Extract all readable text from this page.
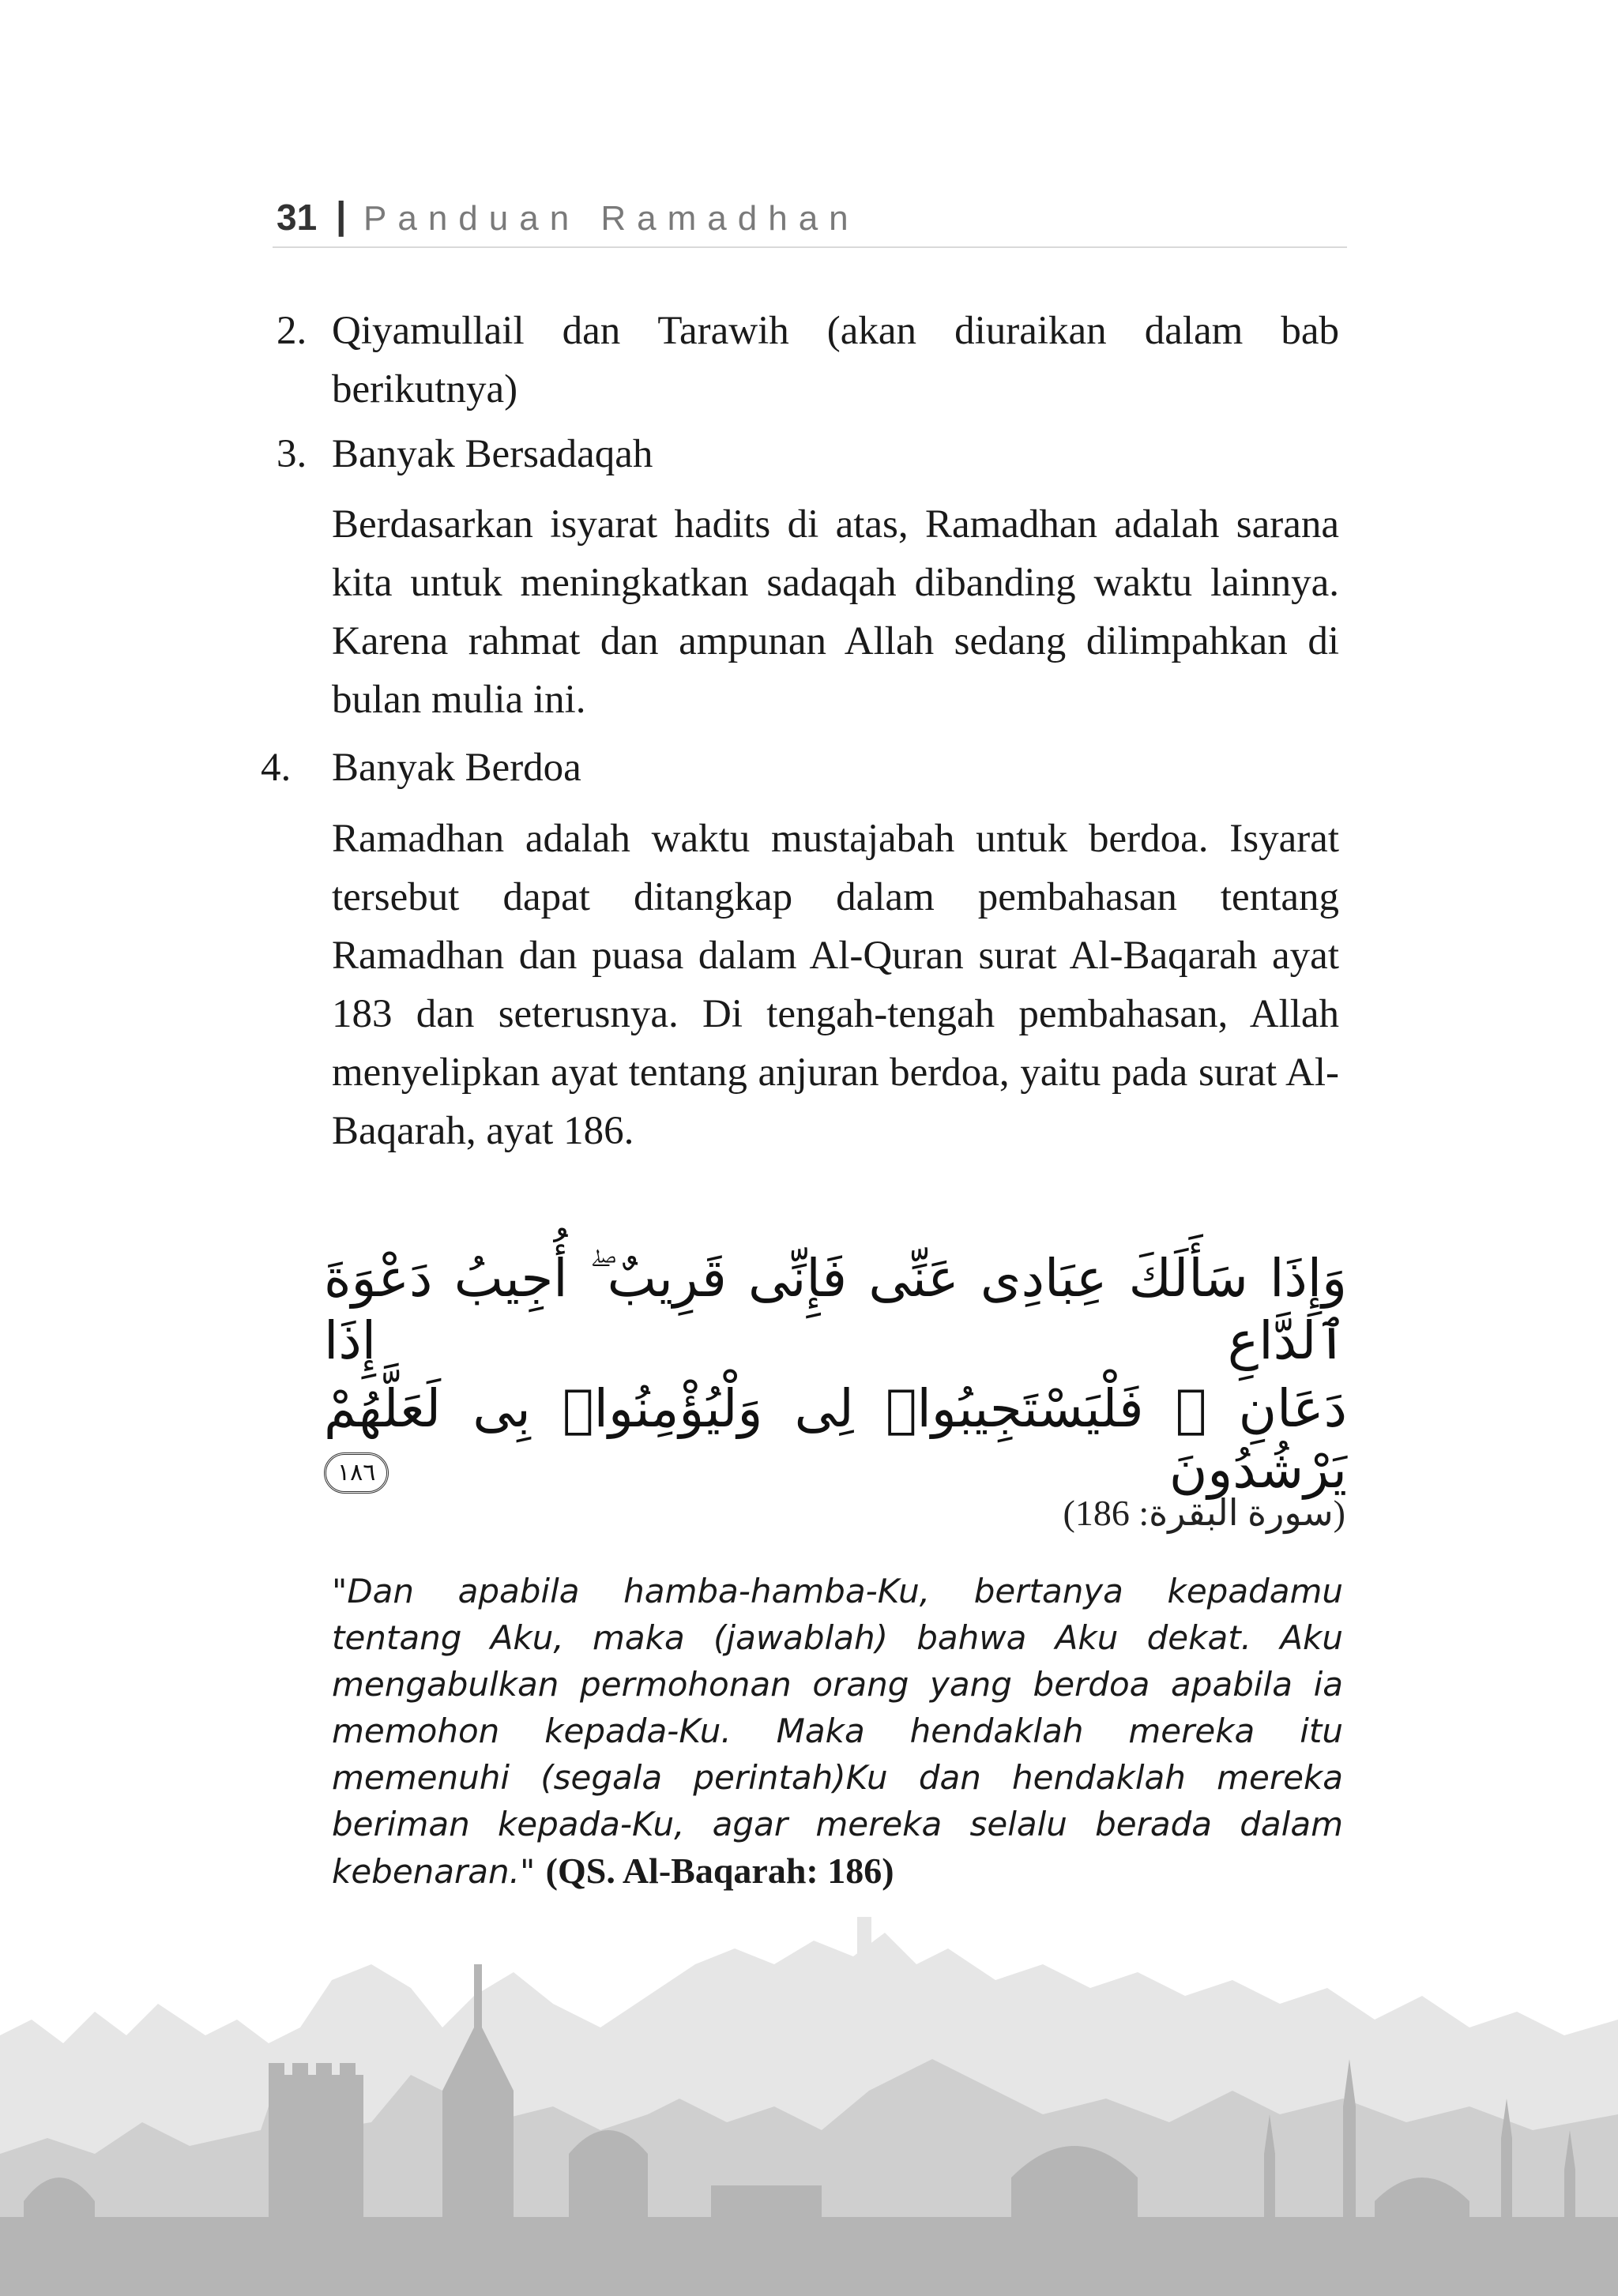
31 | Panduan Ramadhan
2. Qiyamullail dan Tarawih (akan diuraikan dalam bab berikutnya)
3. Banyak Bersadaqah
Berdasarkan isyarat hadits di atas, Ramadhan adalah sarana kita untuk meningkatkan sadaqah dibanding waktu lainnya. Karena rahmat dan ampunan Allah sedang dilimpahkan di bulan mulia ini.
4. Banyak Berdoa
Ramadhan adalah waktu mustajabah untuk berdoa. Isyarat tersebut dapat ditangkap dalam pembahasan tentang Ramadhan dan puasa dalam Al-Quran surat Al-Baqarah ayat 183 dan seterusnya. Di tengah-tengah pembahasan, Allah menyelipkan ayat tentang anjuran berdoa, yaitu pada surat Al-Baqarah, ayat 186.
وَإِذَا سَأَلَكَ عِبَادِى عَنِّى فَإِنِّى قَرِيبٌ ۖ أُجِيبُ دَعْوَةَ ٱلدَّاعِ إِذَا
دَعَانِ ۖ فَلْيَسْتَجِيبُوا۟ لِى وَلْيُؤْمِنُوا۟ بِى لَعَلَّهُمْ يَرْشُدُونَ ١٨٦
(سورة البقرة: 186)
"Dan apabila hamba-hamba-Ku, bertanya kepadamu tentang Aku, maka (jawablah) bahwa Aku dekat. Aku mengabulkan permohonan orang yang berdoa apabila ia memohon kepada-Ku. Maka hendaklah mereka itu memenuhi (segala perintah)Ku dan hendaklah mereka beriman kepada-Ku, agar mereka selalu berada dalam kebenaran." (QS. Al-Baqarah: 186)
